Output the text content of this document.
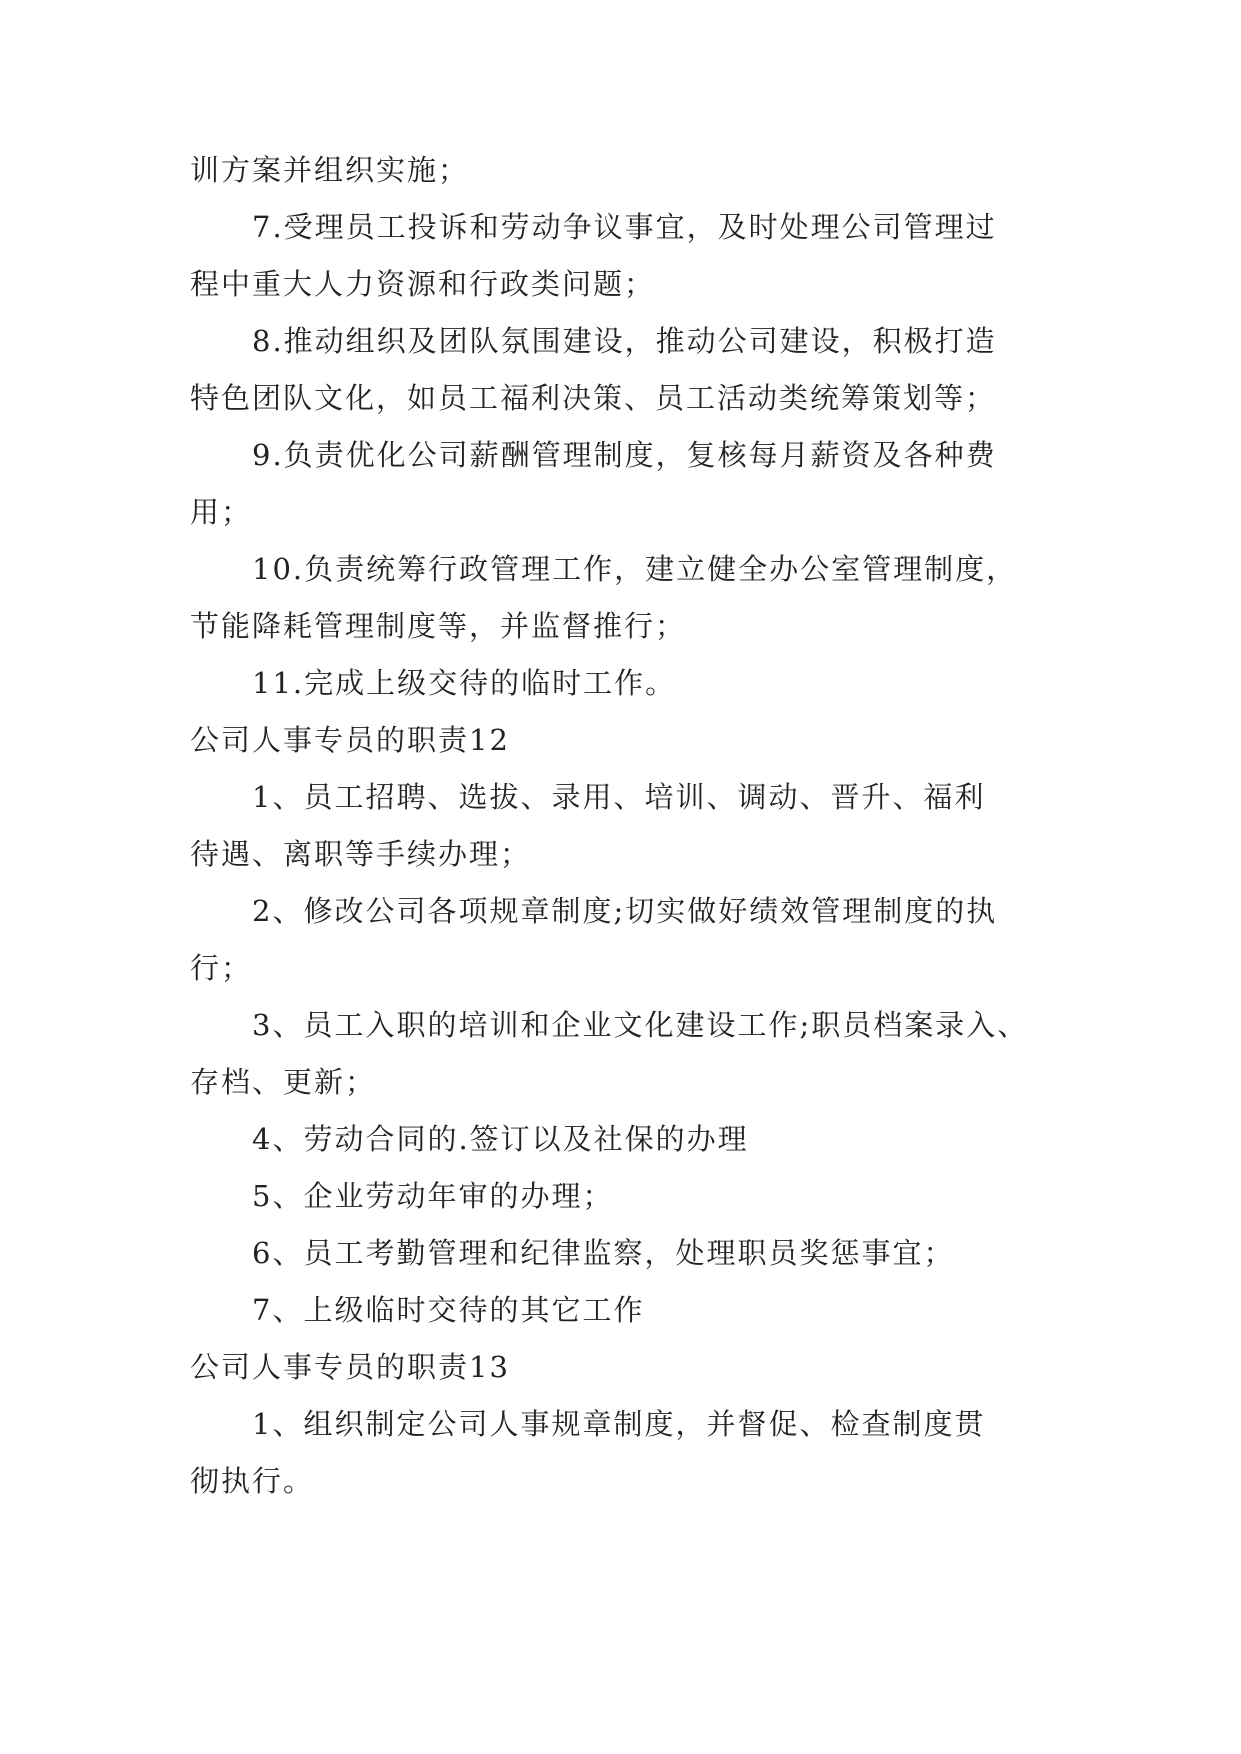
训方案并组织实施；
7.受理员工投诉和劳动争议事宜，及时处理公司管理过
程中重大人力资源和行政类问题；
8.推动组织及团队氛围建设，推动公司建设，积极打造
特色团队文化，如员工福利决策、员工活动类统筹策划等；
9.负责优化公司薪酬管理制度，复核每月薪资及各种费
用；
10.负责统筹行政管理工作，建立健全办公室管理制度，
节能降耗管理制度等，并监督推行；
11.完成上级交待的临时工作。
公司人事专员的职责12
1、员工招聘、选拔、录用、培训、调动、晋升、福利
待遇、离职等手续办理；
2、修改公司各项规章制度;切实做好绩效管理制度的执
行；
3、员工入职的培训和企业文化建设工作;职员档案录入、
存档、更新；
4、劳动合同的.签订以及社保的办理
5、企业劳动年审的办理；
6、员工考勤管理和纪律监察，处理职员奖惩事宜；
7、上级临时交待的其它工作
公司人事专员的职责13
1、组织制定公司人事规章制度，并督促、检查制度贯
彻执行。
